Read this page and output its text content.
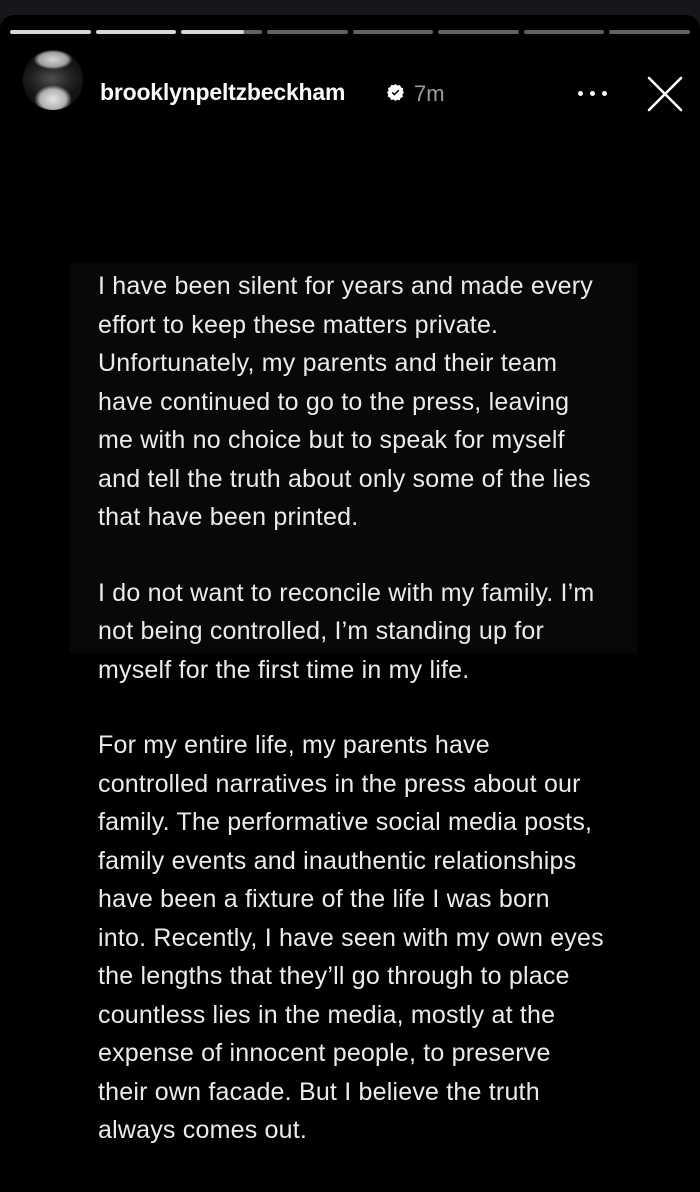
brooklynpeltzbeckham	7m
I have been silent for years and made every
effort to keep these matters private.
Unfortunately, my parents and their team
have continued to go to the press, leaving
me with no choice but to speak for myself
and tell the truth about only some of the lies
that have been printed.
I do not want to reconcile with my family. I’m
not being controlled, I’m standing up for
myself for the first time in my life.
For my entire life, my parents have
controlled narratives in the press about our
family. The performative social media posts,
family events and inauthentic relationships
have been a fixture of the life I was born
into. Recently, I have seen with my own eyes
the lengths that they’ll go through to place
countless lies in the media, mostly at the
expense of innocent people, to preserve
their own facade. But I believe the truth
always comes out.
